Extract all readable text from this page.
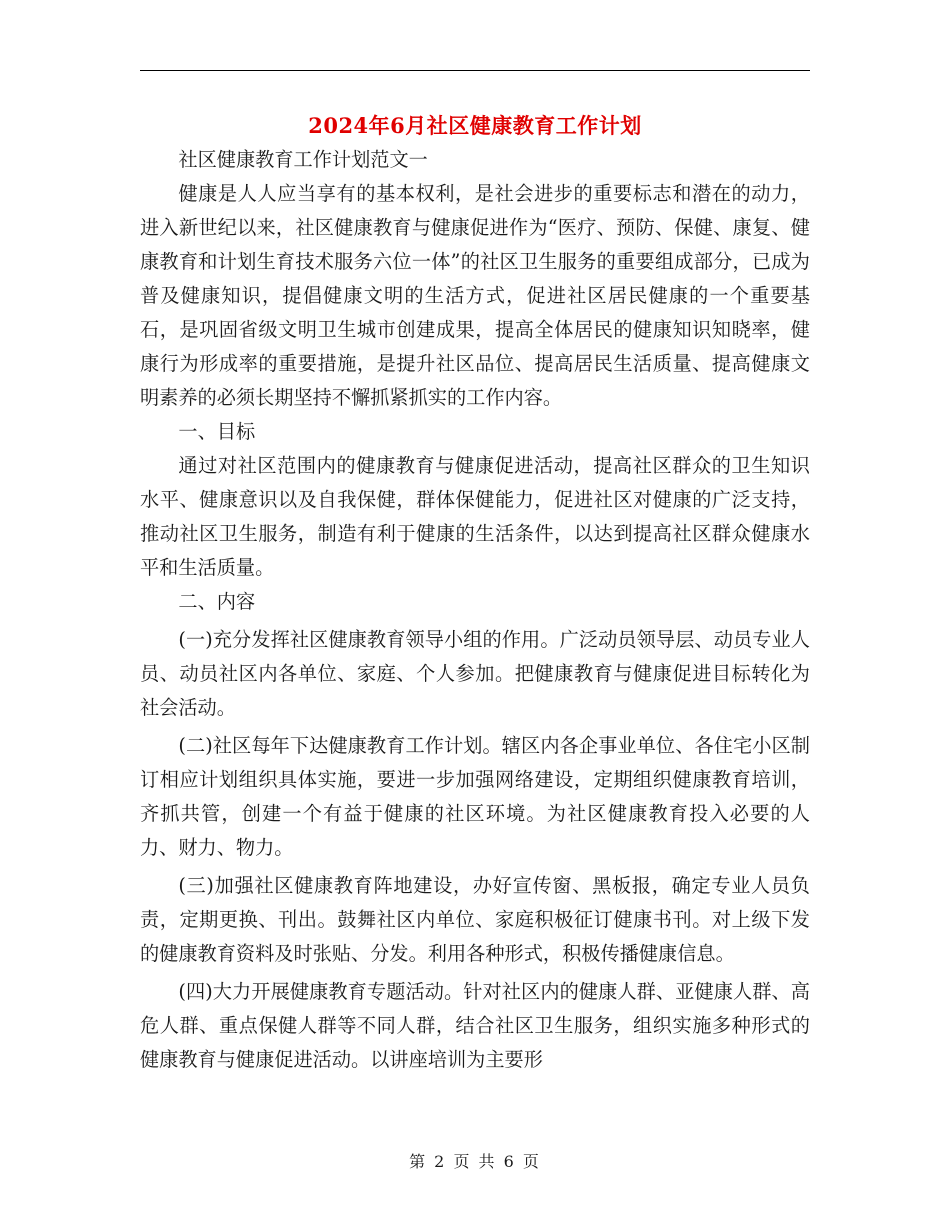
2024年6月社区健康教育工作计划

社区健康教育工作计划范文一

健康是人人应当享有的基本权利，是社会进步的重要标志和潜在的动力，进入新世纪以来，社区健康教育与健康促进作为“医疗、预防、保健、康复、健康教育和计划生育技术服务六位一体”的社区卫生服务的重要组成部分，已成为普及健康知识，提倡健康文明的生活方式，促进社区居民健康的一个重要基石，是巩固省级文明卫生城市创建成果，提高全体居民的健康知识知晓率，健康行为形成率的重要措施，是提升社区品位、提高居民生活质量、提高健康文明素养的必须长期坚持不懈抓紧抓实的工作内容。

一、目标

通过对社区范围内的健康教育与健康促进活动，提高社区群众的卫生知识水平、健康意识以及自我保健，群体保健能力，促进社区对健康的广泛支持，推动社区卫生服务，制造有利于健康的生活条件，以达到提高社区群众健康水平和生活质量。

二、内容

(一)充分发挥社区健康教育领导小组的作用。广泛动员领导层、动员专业人员、动员社区内各单位、家庭、个人参加。把健康教育与健康促进目标转化为社会活动。

(二)社区每年下达健康教育工作计划。辖区内各企事业单位、各住宅小区制订相应计划组织具体实施，要进一步加强网络建设，定期组织健康教育培训，齐抓共管，创建一个有益于健康的社区环境。为社区健康教育投入必要的人力、财力、物力。

(三)加强社区健康教育阵地建设，办好宣传窗、黑板报，确定专业人员负责，定期更换、刊出。鼓舞社区内单位、家庭积极征订健康书刊。对上级下发的健康教育资料及时张贴、分发。利用各种形式，积极传播健康信息。

(四)大力开展健康教育专题活动。针对社区内的健康人群、亚健康人群、高危人群、重点保健人群等不同人群，结合社区卫生服务，组织实施多种形式的健康教育与健康促进活动。以讲座培训为主要形

第 2 页 共 6 页
